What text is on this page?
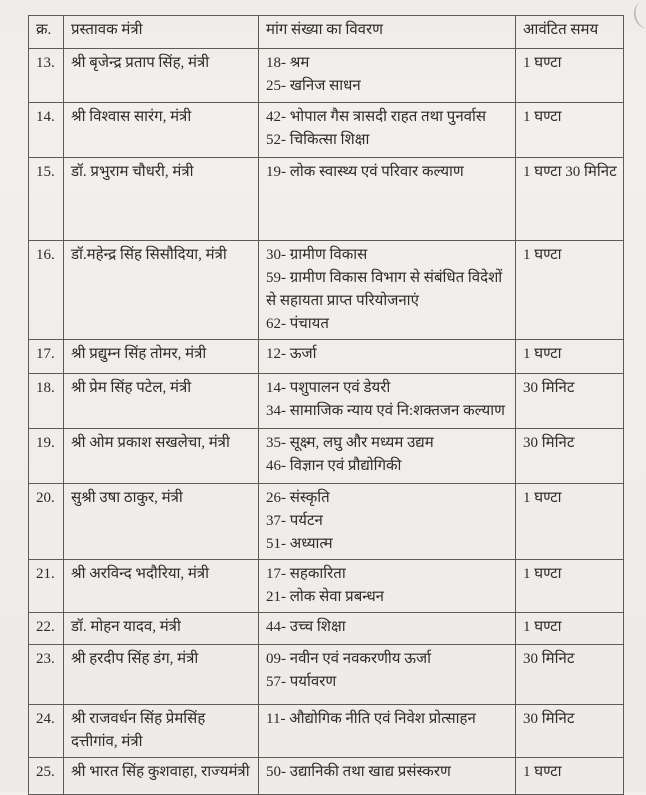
क्र.	प्रस्तावक मंत्री	मांग संख्या का विवरण	आवंटित समय
13.	श्री बृजेन्द्र प्रताप सिंह, मंत्री	18- श्रम
25- खनिज साधन	1 घण्टा
14.	श्री विश्वास सारंग, मंत्री	42- भोपाल गैस त्रासदी राहत तथा पुनर्वास
52- चिकित्सा शिक्षा	1 घण्टा
15.	डॉ. प्रभुराम चौधरी, मंत्री	19- लोक स्वास्थ्य एवं परिवार कल्याण	1 घण्टा 30 मिनिट
16.	डॉ.महेन्द्र सिंह सिसौदिया, मंत्री	30- ग्रामीण विकास
59- ग्रामीण विकास विभाग से संबंधित विदेशों से सहायता प्राप्त परियोजनाएं
62- पंचायत	1 घण्टा
17.	श्री प्रद्युम्न सिंह तोमर, मंत्री	12- ऊर्जा	1 घण्टा
18.	श्री प्रेम सिंह पटेल, मंत्री	14- पशुपालन एवं डेयरी
34- सामाजिक न्याय एवं नि:शक्तजन कल्याण	30 मिनिट
19.	श्री ओम प्रकाश सखलेचा, मंत्री	35- सूक्ष्म, लघु और मध्यम उद्यम
46- विज्ञान एवं प्रौद्योगिकी	30 मिनिट
20.	सुश्री उषा ठाकुर, मंत्री	26- संस्कृति
37- पर्यटन
51- अध्यात्म	1 घण्टा
21.	श्री अरविन्द भदौरिया, मंत्री	17- सहकारिता
21- लोक सेवा प्रबन्धन	1 घण्टा
22.	डॉ. मोहन यादव, मंत्री	44- उच्च शिक्षा	1 घण्टा
23.	श्री हरदीप सिंह डंग, मंत्री	09- नवीन एवं नवकरणीय ऊर्जा
57- पर्यावरण	30 मिनिट
24.	श्री राजवर्धन सिंह प्रेमसिंह दत्तीगांव, मंत्री	11- औद्योगिक नीति एवं निवेश प्रोत्साहन	30 मिनिट
25.	श्री भारत सिंह कुशवाहा, राज्यमंत्री	50- उद्यानिकी तथा खाद्य प्रसंस्करण	1 घण्टा
